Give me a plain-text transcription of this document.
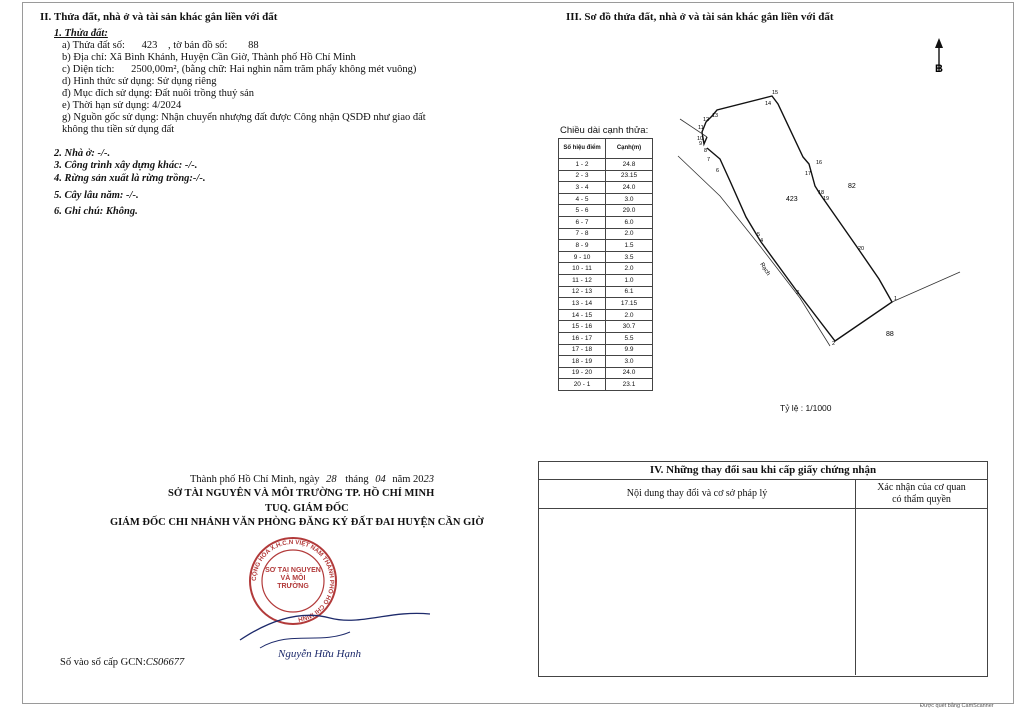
II. Thửa đất, nhà ở và tài sản khác gắn liền với đất
1. Thửa đất:
a) Thửa đất số: 423 , tờ bản đồ số: 88
b) Địa chỉ: Xã Bình Khánh, Huyện Cần Giờ, Thành phố Hồ Chí Minh
c) Diện tích: 2500,00m², (bằng chữ: Hai nghìn năm trăm phẩy không mét vuông)
d) Hình thức sử dụng: Sử dụng riêng
đ) Mục đích sử dụng: Đất nuôi trồng thuỷ sản
e) Thời hạn sử dụng: 4/2024
g) Nguồn gốc sử dụng: Nhận chuyển nhượng đất được Công nhận QSDĐ như giao đất
không thu tiền sử dụng đất
2. Nhà ở: -/-.
3. Công trình xây dựng khác: -/-.
4. Rừng sản xuất là rừng trồng:-/-.
5. Cây lâu năm: -/-.
6. Ghi chú: Không.
III. Sơ đồ thửa đất, nhà ở và tài sản khác gắn liền với đất
Chiều dài cạnh thửa:
Số hiệu điểm	Cạnh(m)
1 - 2	24.8
2 - 3	23.15
3 - 4	24.0
4 - 5	3.0
5 - 6	29.0
6 - 7	6.0
7 - 8	2.0
8 - 9	1.5
9 - 10	3.5
10 - 11	2.0
11 - 12	1.0
12 - 13	6.1
13 - 14	17.15
14 - 15	2.0
15 - 16	30.7
16 - 17	5.5
17 - 18	9.9
18 - 19	3.0
19 - 20	24.0
20 - 1	23.1
B
423
82
88
Rạch
1
2
3
4
5
6
7
8
9
10
11
12
13
14
15
16
17
18
19
20
Tỷ lệ : 1/1000
Thành phố Hồ Chí Minh, ngày 28 tháng 04 năm 2023
SỞ TÀI NGUYÊN VÀ MÔI TRƯỜNG TP. HỒ CHÍ MINH
TUQ. GIÁM ĐỐC
GIÁM ĐỐC CHI NHÁNH VĂN PHÒNG ĐĂNG KÝ ĐẤT ĐAI HUYỆN CẦN GIỜ
CỘNG HÒA X.H.C.N VIỆT NAM THÀNH PHỐ HỒ CHÍ MINH
SỞ TÀI NGUYÊN VÀ MÔI TRƯỜNG
Nguyễn Hữu Hạnh
Số vào sổ cấp GCN:CS06677
IV. Những thay đổi sau khi cấp giấy chứng nhận
Nội dung thay đổi và cơ sở pháp lý
Xác nhận của cơ quan
có thẩm quyền
Được quét bằng CamScanner
